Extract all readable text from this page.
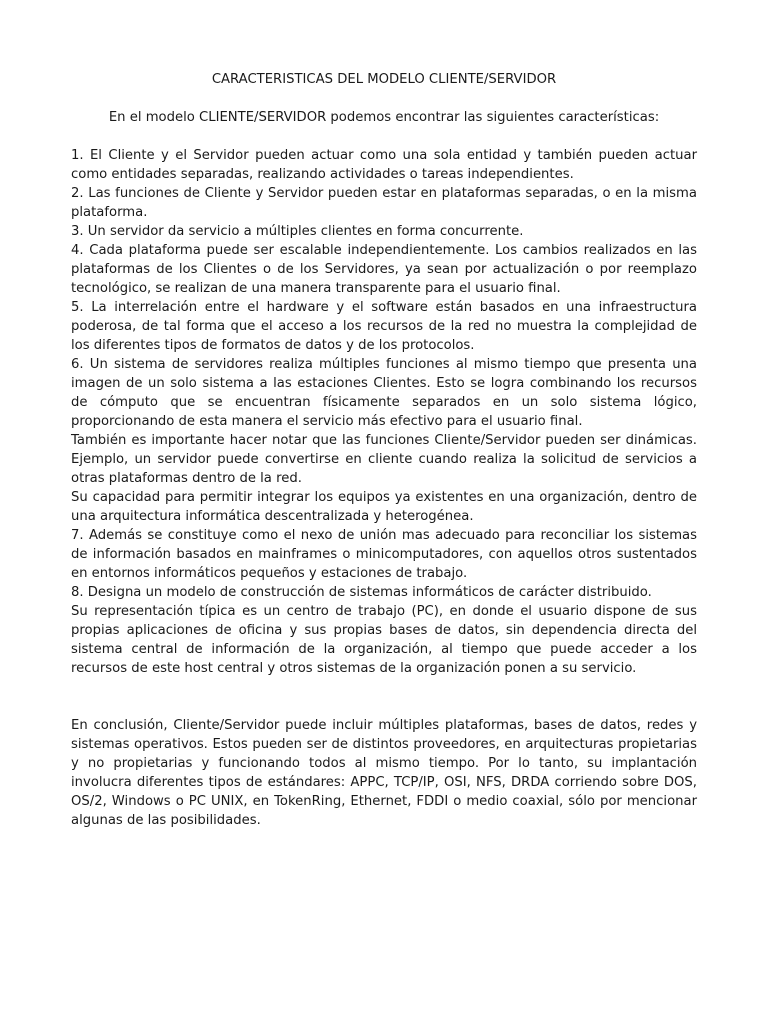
CARACTERISTICAS DEL MODELO CLIENTE/SERVIDOR

En el modelo CLIENTE/SERVIDOR podemos encontrar las siguientes características:

1. El Cliente y el Servidor pueden actuar como una sola entidad y también pueden actuar como entidades separadas, realizando actividades o tareas independientes.

2. Las funciones de Cliente y Servidor pueden estar en plataformas separadas, o en la misma plataforma.

3. Un servidor da servicio a múltiples clientes en forma concurrente.

4. Cada plataforma puede ser escalable independientemente. Los cambios realizados en las plataformas de los Clientes o de los Servidores, ya sean por actualización o por reemplazo tecnológico, se realizan de una manera transparente para el usuario final.

5. La interrelación entre el hardware y el software están basados en una infraestructura poderosa, de tal forma que el acceso a los recursos de la red no muestra la complejidad de los diferentes tipos de formatos de datos y de los protocolos.

6. Un sistema de servidores realiza múltiples funciones al mismo tiempo que presenta una imagen de un solo sistema a las estaciones Clientes. Esto se logra combinando los recursos de cómputo que se encuentran físicamente separados en un solo sistema lógico, proporcionando de esta manera el servicio más efectivo para el usuario final.

También es importante hacer notar que las funciones Cliente/Servidor pueden ser dinámicas. Ejemplo, un servidor puede convertirse en cliente cuando realiza la solicitud de servicios a otras plataformas dentro de la red.

Su capacidad para permitir integrar los equipos ya existentes en una organización, dentro de una arquitectura informática descentralizada y heterogénea.

7. Además se constituye como el nexo de unión mas adecuado para reconciliar los sistemas de información basados en mainframes o minicomputadores, con aquellos otros sustentados en entornos informáticos pequeños y estaciones de trabajo.

8. Designa un modelo de construcción de sistemas informáticos de carácter distribuido.

Su representación típica es un centro de trabajo (PC), en donde el usuario dispone de sus propias aplicaciones de oficina y sus propias bases de datos, sin dependencia directa del sistema central de información de la organización, al tiempo que puede acceder a los recursos de este host central y otros sistemas de la organización ponen a su servicio.

En conclusión, Cliente/Servidor puede incluir múltiples plataformas, bases de datos, redes y sistemas operativos. Estos pueden ser de distintos proveedores, en arquitecturas propietarias y no propietarias y funcionando todos al mismo tiempo. Por lo tanto, su implantación involucra diferentes tipos de estándares: APPC, TCP/IP, OSI, NFS, DRDA corriendo sobre DOS, OS/2, Windows o PC UNIX, en TokenRing, Ethernet, FDDI o medio coaxial, sólo por mencionar algunas de las posibilidades.
